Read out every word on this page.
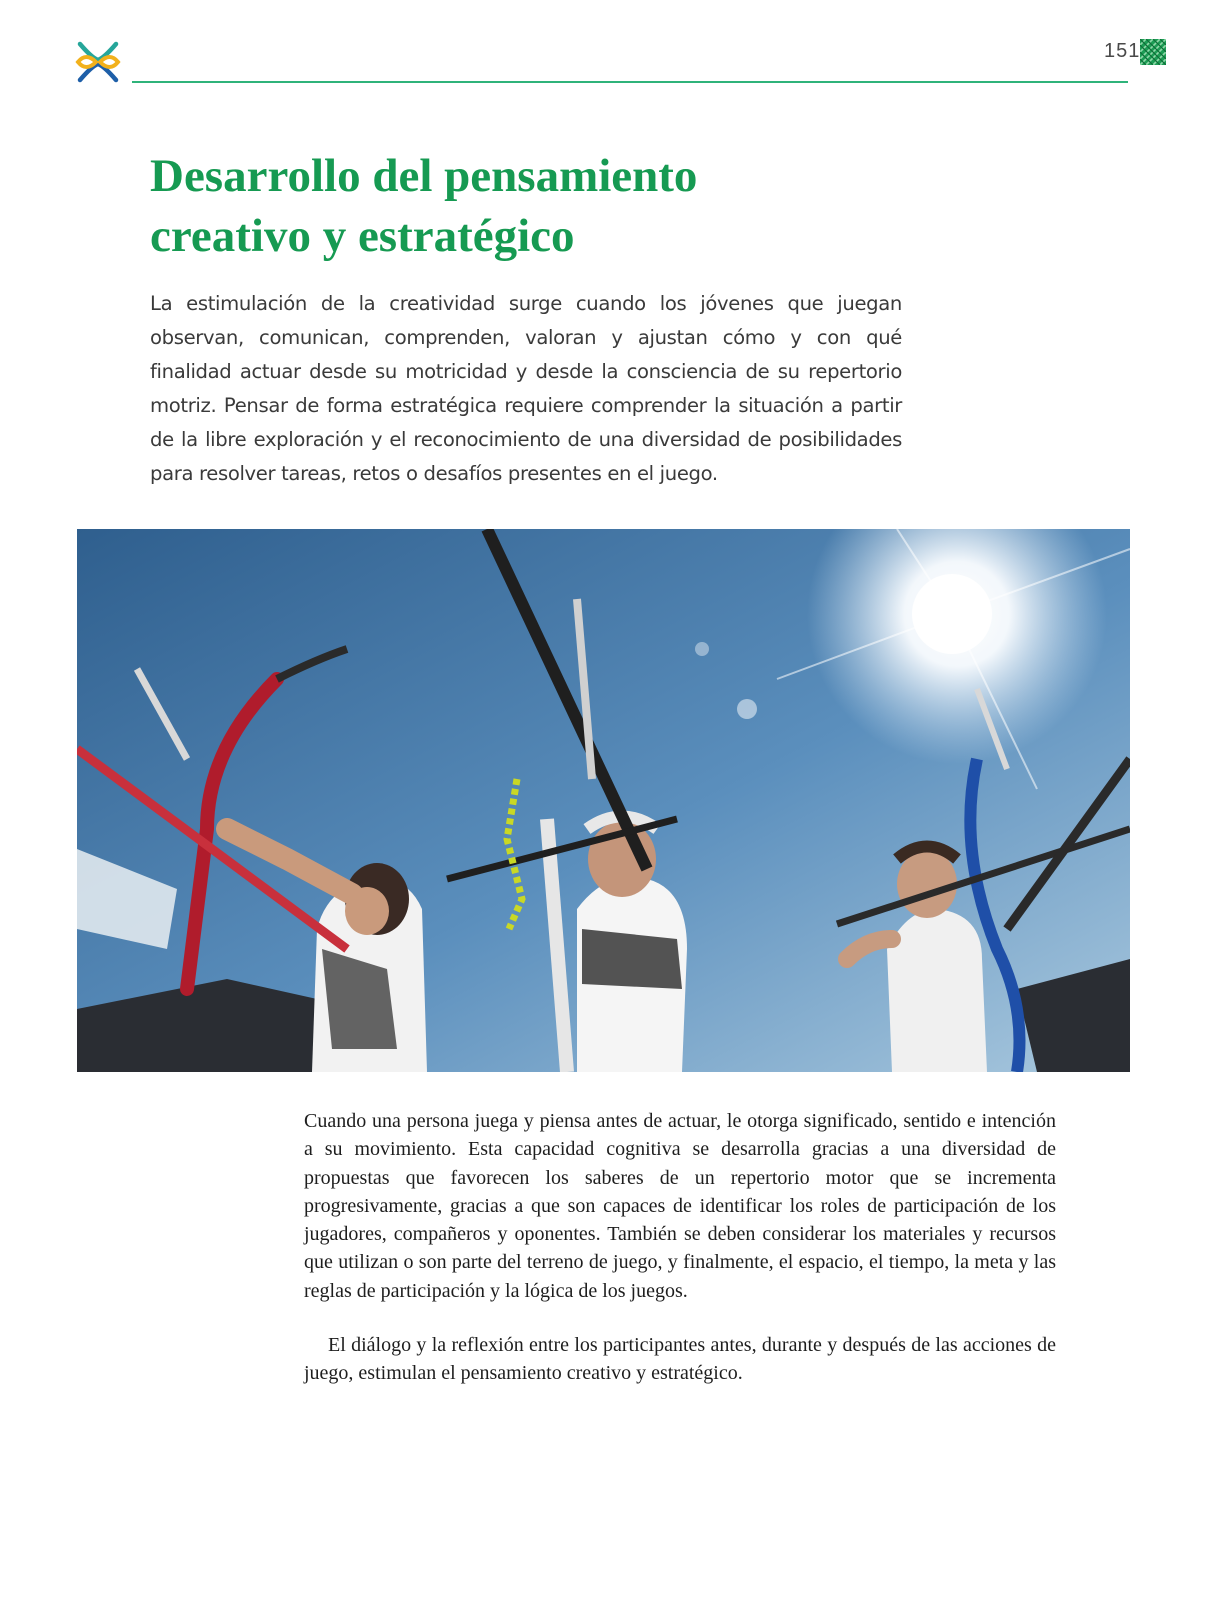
151
Desarrollo del pensamiento
creativo y estratégico

La estimulación de la creatividad surge cuando los jóvenes que juegan observan, comunican, comprenden, valoran y ajustan cómo y con qué finalidad actuar desde su motricidad y desde la consciencia de su repertorio motriz. Pensar de forma estratégica requiere comprender la situación a partir de la libre exploración y el reconocimiento de una diversidad de posibilidades para resolver tareas, retos o desafíos presentes en el juego.

Cuando una persona juega y piensa antes de actuar, le otorga significado, sentido e intención a su movimiento. Esta capacidad cognitiva se desarrolla gracias a una diversidad de propuestas que favorecen los saberes de un repertorio motor que se incrementa progresivamente, gracias a que son capaces de identificar los roles de participación de los jugadores, compañeros y oponentes. También se deben considerar los materiales y recursos que utilizan o son parte del terreno de juego, y finalmente, el espacio, el tiempo, la meta y las reglas de participación y la lógica de los juegos.

El diálogo y la reflexión entre los participantes antes, durante y después de las acciones de juego, estimulan el pensamiento creativo y estratégico.
